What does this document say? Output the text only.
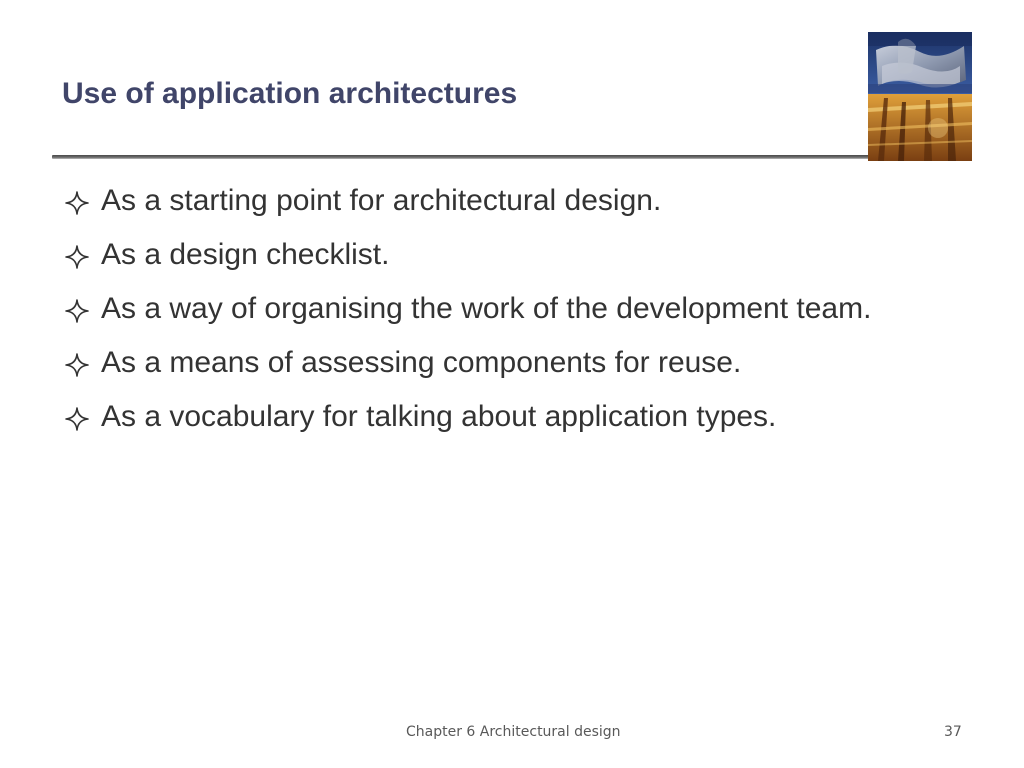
Use of application architectures
As a starting point for architectural design.
As a design checklist.
As a way of organising the work of the development team.
As a means of assessing components for reuse.
As a vocabulary for talking about application types.
Chapter 6 Architectural design	37
